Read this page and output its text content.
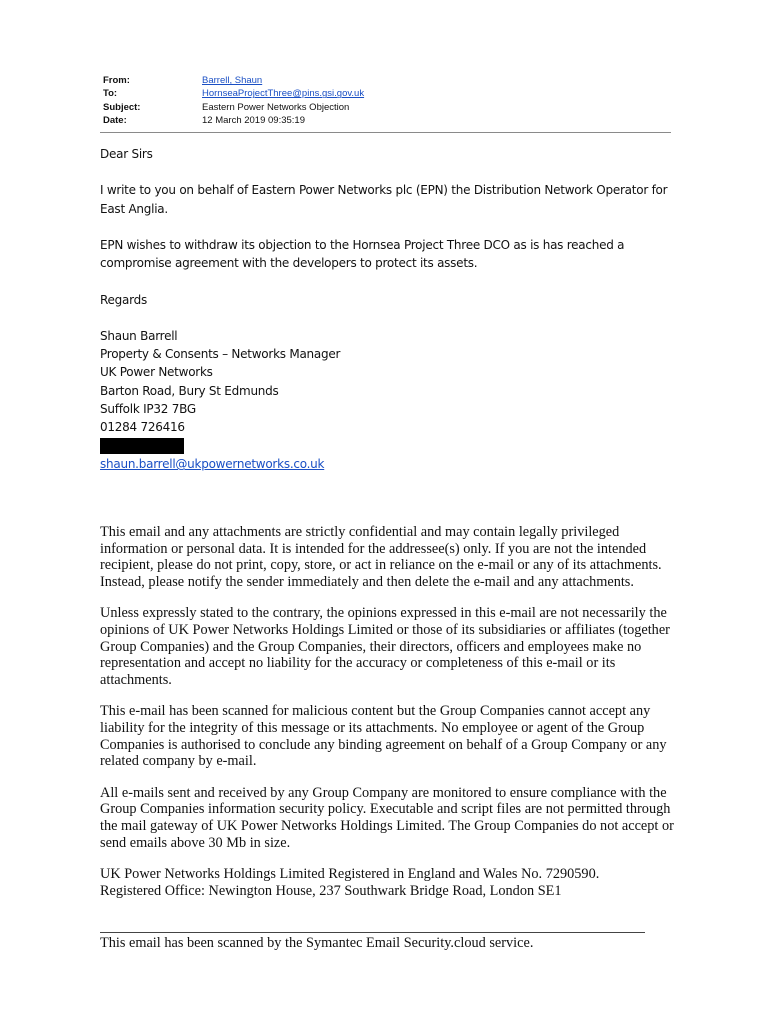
From:	Barrell, Shaun
To:	HornseaProjectThree@pins.gsi.gov.uk
Subject:	Eastern Power Networks Objection
Date:	12 March 2019 09:35:19

Dear Sirs

I write to you on behalf of Eastern Power Networks plc (EPN) the Distribution Network Operator for East Anglia.

EPN wishes to withdraw its objection to the Hornsea Project Three DCO as is has reached a compromise agreement with the developers to protect its assets.

Regards

Shaun Barrell

Property & Consents – Networks Manager

UK Power Networks

Barton Road, Bury St Edmunds

Suffolk IP32 7BG

01284 726416

shaun.barrell@ukpowernetworks.co.uk

This email and any attachments are strictly confidential and may contain legally privileged information or personal data. It is intended for the addressee(s) only. If you are not the intended recipient, please do not print, copy, store, or act in reliance on the e-mail or any of its attachments. Instead, please notify the sender immediately and then delete the e-mail and any attachments.

Unless expressly stated to the contrary, the opinions expressed in this e-mail are not necessarily the opinions of UK Power Networks Holdings Limited or those of its subsidiaries or affiliates (together Group Companies) and the Group Companies, their directors, officers and employees make no representation and accept no liability for the accuracy or completeness of this e-mail or its attachments.

This e-mail has been scanned for malicious content but the Group Companies cannot accept any liability for the integrity of this message or its attachments. No employee or agent of the Group Companies is authorised to conclude any binding agreement on behalf of a Group Company or any related company by e-mail.

All e-mails sent and received by any Group Company are monitored to ensure compliance with the Group Companies information security policy. Executable and script files are not permitted through the mail gateway of UK Power Networks Holdings Limited. The Group Companies do not accept or send emails above 30 Mb in size.

UK Power Networks Holdings Limited Registered in England and Wales No. 7290590.
Registered Office: Newington House, 237 Southwark Bridge Road, London SE1

This email has been scanned by the Symantec Email Security.cloud service.
